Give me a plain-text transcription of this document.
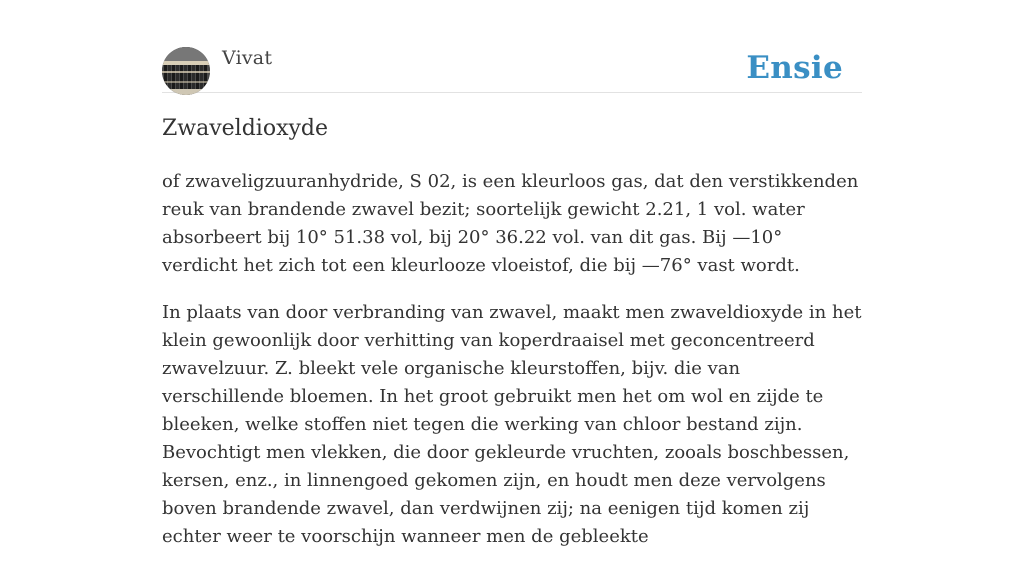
Vivat	Ensie
Zwaveldioxyde

of zwaveligzuuranhydride, S 02, is een kleurloos gas, dat den verstikkenden reuk van brandende zwavel bezit; soortelijk gewicht 2.21, 1 vol. water absorbeert bij 10° 51.38 vol, bij 20° 36.22 vol. van dit gas. Bij —10° verdicht het zich tot een kleurlooze vloeistof, die bij —76° vast wordt.

In plaats van door verbranding van zwavel, maakt men zwaveldioxyde in het klein gewoonlijk door verhitting van koperdraaisel met geconcentreerd zwavelzuur. Z. bleekt vele organische kleurstoffen, bijv. die van verschillende bloemen. In het groot gebruikt men het om wol en zijde te bleeken, welke stoffen niet tegen die werking van chloor bestand zijn. Bevochtigt men vlekken, die door gekleurde vruchten, zooals boschbessen, kersen, enz., in linnengoed gekomen zijn, en houdt men deze vervolgens boven brandende zwavel, dan verdwijnen zij; na eenigen tijd komen zij echter weer te voorschijn wanneer men de gebleekte
